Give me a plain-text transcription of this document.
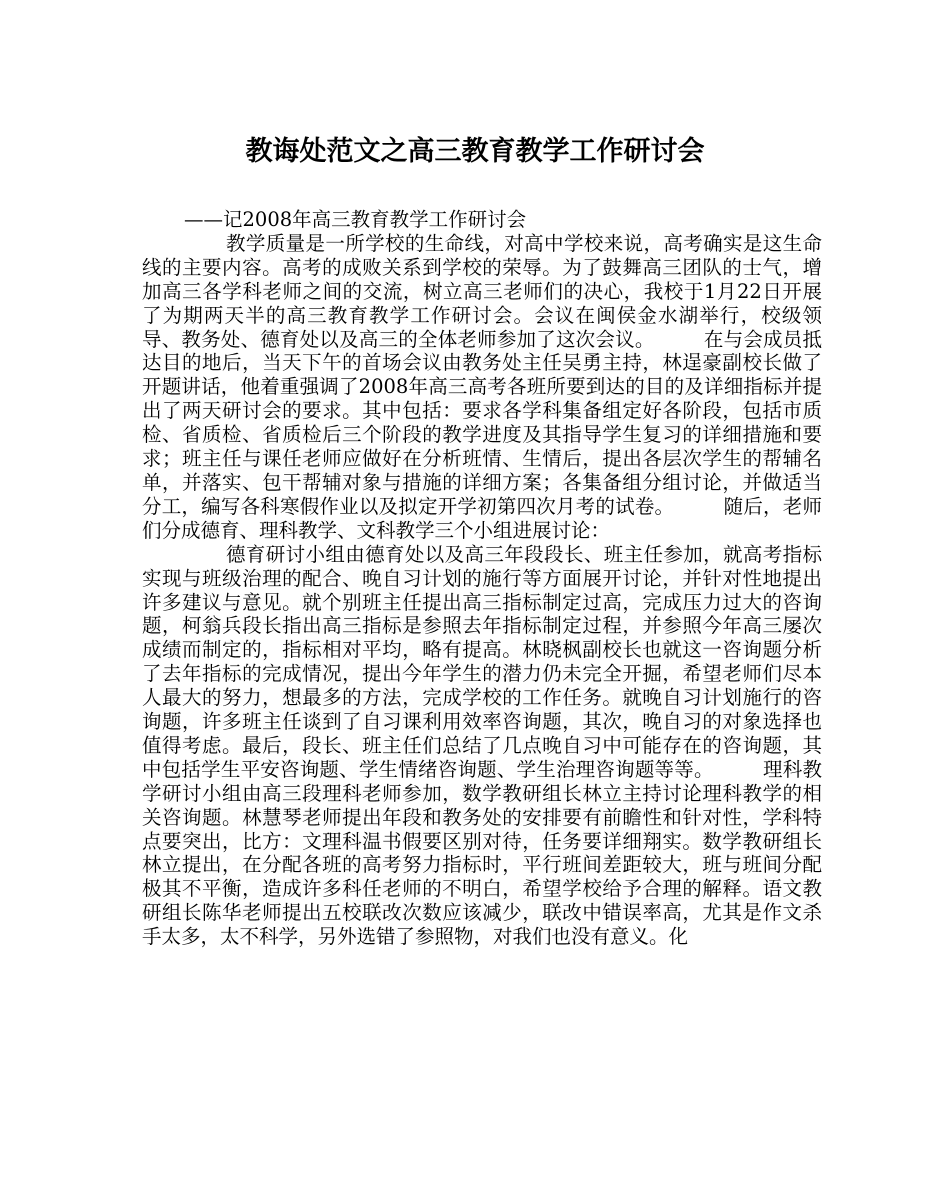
教诲处范文之高三教育教学工作研讨会

——记2008年高三教育教学工作研讨会

教学质量是一所学校的生命线，对高中学校来说，高考确实是这生命线的主要内容。高考的成败关系到学校的荣辱。为了鼓舞高三团队的士气，增加高三各学科老师之间的交流，树立高三老师们的决心，我校于1月22日开展了为期两天半的高三教育教学工作研讨会。会议在闽侯金水湖举行，校级领导、教务处、德育处以及高三的全体老师参加了这次会议。　　　在与会成员抵达目的地后，当天下午的首场会议由教务处主任吴勇主持，林逞豪副校长做了开题讲话，他着重强调了2008年高三高考各班所要到达的目的及详细指标并提出了两天研讨会的要求。其中包括：要求各学科集备组定好各阶段，包括市质检、省质检、省质检后三个阶段的教学进度及其指导学生复习的详细措施和要求；班主任与课任老师应做好在分析班情、生情后，提出各层次学生的帮辅名单，并落实、包干帮辅对象与措施的详细方案；各集备组分组讨论，并做适当分工，编写各科寒假作业以及拟定开学初第四次月考的试卷。　　　随后，老师们分成德育、理科教学、文科教学三个小组进展讨论：

德育研讨小组由德育处以及高三年段段长、班主任参加，就高考指标实现与班级治理的配合、晚自习计划的施行等方面展开讨论，并针对性地提出许多建议与意见。就个别班主任提出高三指标制定过高，完成压力过大的咨询题，柯翁兵段长指出高三指标是参照去年指标制定过程，并参照今年高三屡次成绩而制定的，指标相对平均，略有提高。林晓枫副校长也就这一咨询题分析了去年指标的完成情况，提出今年学生的潜力仍未完全开掘，希望老师们尽本人最大的努力，想最多的方法，完成学校的工作任务。就晚自习计划施行的咨询题，许多班主任谈到了自习课利用效率咨询题，其次，晚自习的对象选择也值得考虑。最后，段长、班主任们总结了几点晚自习中可能存在的咨询题，其中包括学生平安咨询题、学生情绪咨询题、学生治理咨询题等等。　　　理科教学研讨小组由高三段理科老师参加，数学教研组长林立主持讨论理科教学的相关咨询题。林慧琴老师提出年段和教务处的安排要有前瞻性和针对性，学科特点要突出，比方：文理科温书假要区别对待，任务要详细翔实。数学教研组长林立提出，在分配各班的高考努力指标时，平行班间差距较大，班与班间分配极其不平衡，造成许多科任老师的不明白，希望学校给予合理的解释。语文教研组长陈华老师提出五校联改次数应该减少，联改中错误率高，尤其是作文杀手太多，太不科学，另外选错了参照物，对我们也没有意义。化
